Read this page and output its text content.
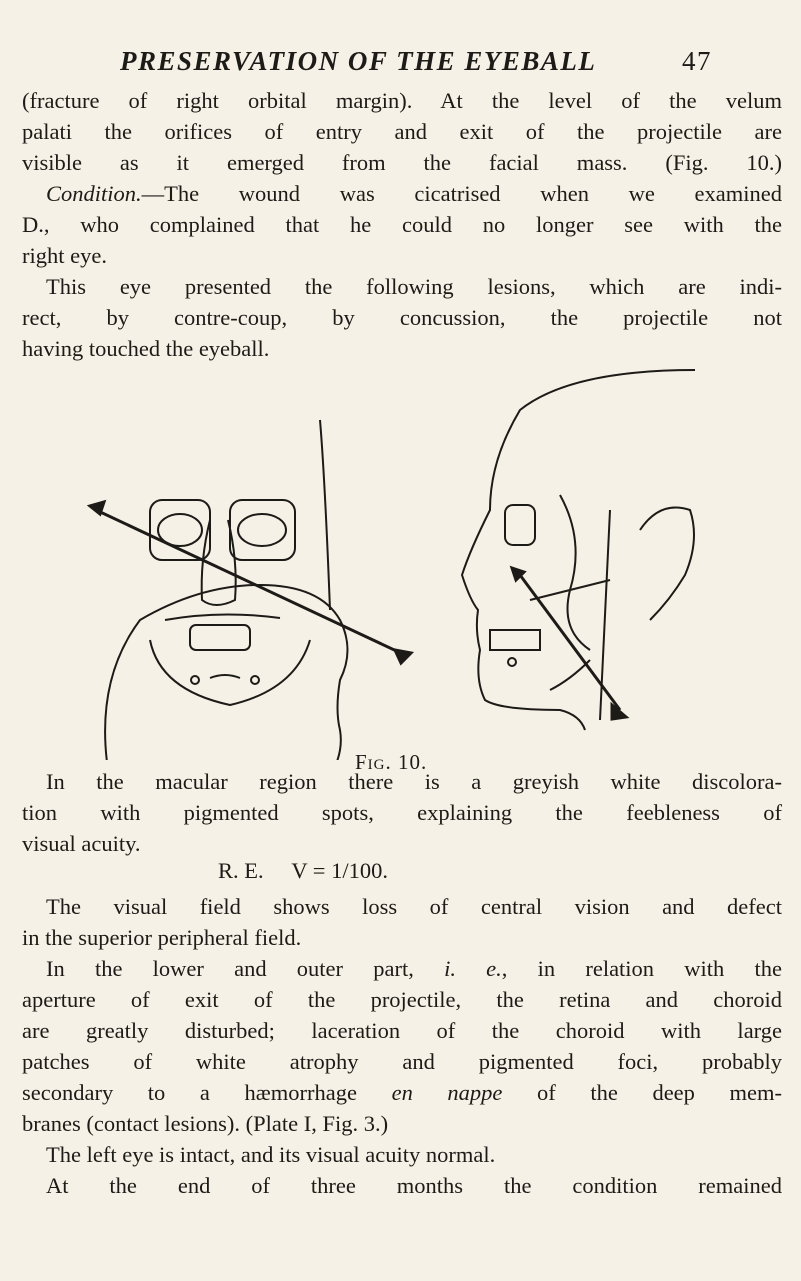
PRESERVATION OF THE EYEBALL	47
(fracture of right orbital margin). At the level of the velum
palati the orifices of entry and exit of the projectile are
visible as it emerged from the facial mass. (Fig. 10.)
Condition.—The wound was cicatrised when we examined
D., who complained that he could no longer see with the
right eye.
This eye presented the following lesions, which are indi-
rect, by contre-coup, by concussion, the projectile not
having touched the eyeball.
Fig. 10.
In the macular region there is a greyish white discolora-
tion with pigmented spots, explaining the feebleness of
visual acuity.
R. E.     V = 1/100.
The visual field shows loss of central vision and defect
in the superior peripheral field.
In the lower and outer part, i. e., in relation with the
aperture of exit of the projectile, the retina and choroid
are greatly disturbed; laceration of the choroid with large
patches of white atrophy and pigmented foci, probably
secondary to a hæmorrhage en nappe of the deep mem-
branes (contact lesions). (Plate I, Fig. 3.)
The left eye is intact, and its visual acuity normal.
At the end of three months the condition remained
